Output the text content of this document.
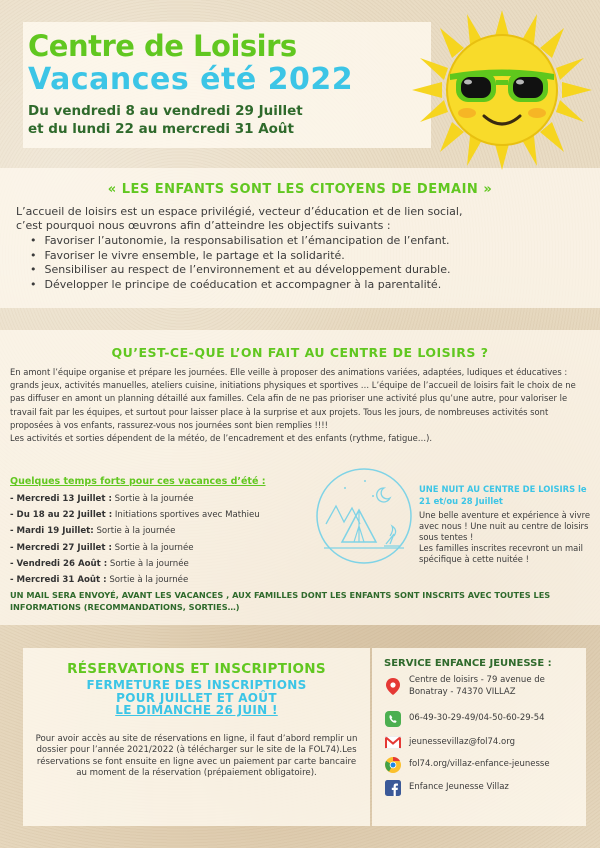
Centre de Loisirs
Vacances été 2022
Du vendredi 8 au vendredi 29 Juillet
et du lundi 22 au mercredi 31 Août
« LES ENFANTS SONT LES CITOYENS DE DEMAIN »
L’accueil de loisirs est un espace privilégié, vecteur d’éducation et de lien social,
c’est pourquoi nous œuvrons afin d’atteindre les objectifs suivants :
• Favoriser l’autonomie, la responsabilisation et l’émancipation de l’enfant.
• Favoriser le vivre ensemble, le partage et la solidarité.
• Sensibiliser au respect de l’environnement et au développement durable.
• Développer le principe de coéducation et accompagner à la parentalité.
QU’EST-CE-QUE L’ON FAIT AU CENTRE DE LOISIRS ?
En amont l’équipe organise et prépare les journées. Elle veille à proposer des animations variées, adaptées, ludiques et éducatives : grands jeux, activités manuelles, ateliers cuisine, initiations physiques et sportives … L’équipe de l’accueil de loisirs fait le choix de ne pas diffuser en amont un planning détaillé aux familles. Cela afin de ne pas prioriser une activité plus qu’une autre, pour valoriser le travail fait par les équipes, et surtout pour laisser place à la surprise et aux projets. Tous les jours, de nombreuses activités sont proposées à vos enfants, rassurez-vous nos journées sont bien remplies !!!!
Les activités et sorties dépendent de la météo, de l’encadrement et des enfants (rythme, fatigue…).
Quelques temps forts pour ces vacances d’été :
- Mercredi 13 Juillet : Sortie à la journée
- Du 18 au 22 Juillet : Initiations sportives avec Mathieu
- Mardi 19 Juillet: Sortie à la journée
- Mercredi 27 Juillet : Sortie à la journée
- Vendredi 26 Août : Sortie à la journée
- Mercredi 31 Août : Sortie à la journée
UNE NUIT AU CENTRE DE LOISIRS le 21 et/ou 28 Juillet
Une belle aventure et expérience à vivre avec nous ! Une nuit au centre de loisirs sous tentes !
Les familles inscrites recevront un mail spécifique à cette nuitée !
UN MAIL SERA ENVOYÉ, AVANT LES VACANCES , AUX FAMILLES DONT LES ENFANTS SONT INSCRITS AVEC TOUTES LES INFORMATIONS (RECOMMANDATIONS, SORTIES…)
RÉSERVATIONS ET INSCRIPTIONS
FERMETURE DES INSCRIPTIONS
POUR JUILLET ET AOÛT
LE DIMANCHE 26 JUIN !
Pour avoir accès au site de réservations en ligne, il faut d’abord remplir un dossier pour l’année 2021/2022 (à télécharger sur le site de la FOL74).Les réservations se font ensuite en ligne avec un paiement par carte bancaire au moment de la réservation (prépaiement obligatoire).
SERVICE ENFANCE JEUNESSE :
Centre de loisirs - 79 avenue de Bonatray - 74370 VILLAZ
06-49-30-29-49/04-50-60-29-54
jeunessevillaz@fol74.org
fol74.org/villaz-enfance-jeunesse
Enfance Jeunesse Villaz
